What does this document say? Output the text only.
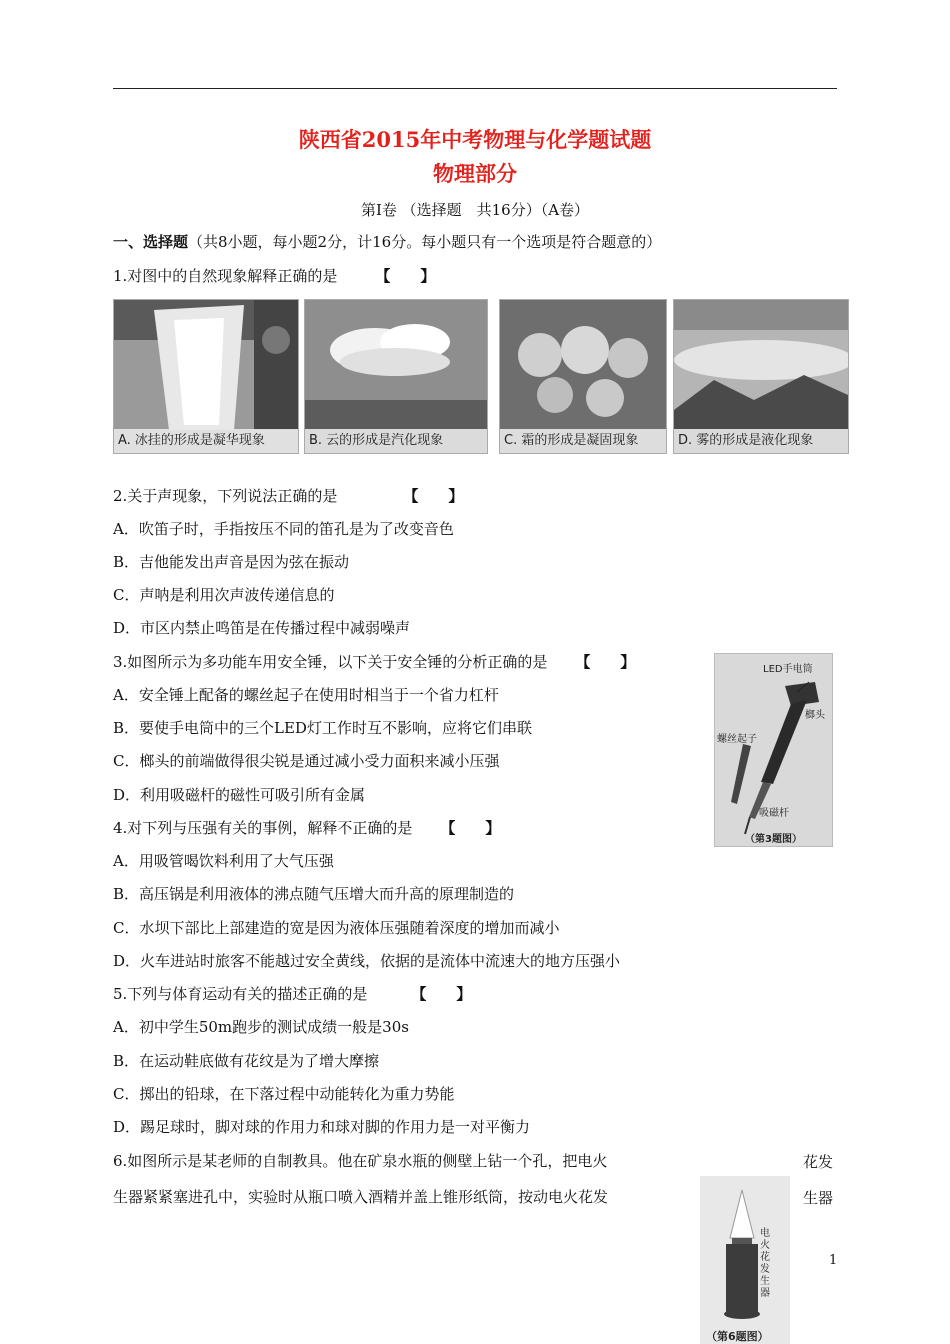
陕西省2015年中考物理与化学题试题
物理部分
第Ⅰ卷 （选择题　共16分）（A卷）
一、选择题（共8小题，每小题2分，计16分。每小题只有一个选项是符合题意的）
1.对图中的自然现象解释正确的是	【　　】
A. 冰挂的形成是凝华现象	B. 云的形成是汽化现象	C. 霜的形成是凝固现象	D. 雾的形成是液化现象
2.关于声现象，下列说法正确的是	【　　】
A．吹笛子时，手指按压不同的笛孔是为了改变音色
B．吉他能发出声音是因为弦在振动
C．声呐是利用次声波传递信息的
D．市区内禁止鸣笛是在传播过程中减弱噪声
3.如图所示为多功能车用安全锤，以下关于安全锤的分析正确的是 【　　】
A．安全锤上配备的螺丝起子在使用时相当于一个省力杠杆
B．要使手电筒中的三个LED灯工作时互不影响，应将它们串联
C．榔头的前端做得很尖锐是通过减小受力面积来减小压强
D．利用吸磁杆的磁性可吸引所有金属
LED手电筒
榔头
螺丝起子
吸磁杆
（第3题图）
4.对下列与压强有关的事例，解释不正确的是 【　　】
A．用吸管喝饮料利用了大气压强
B．高压锅是利用液体的沸点随气压增大而升高的原理制造的
C．水坝下部比上部建造的宽是因为液体压强随着深度的增加而减小
D．火车进站时旅客不能越过安全黄线，依据的是流体中流速大的地方压强小
5.下列与体育运动有关的描述正确的是	【　　】
A．初中学生50m跑步的测试成绩一般是30s
B．在运动鞋底做有花纹是为了增大摩擦
C．掷出的铅球，在下落过程中动能转化为重力势能
D．踢足球时，脚对球的作用力和球对脚的作用力是一对平衡力
6.如图所示是某老师的自制教具。他在矿泉水瓶的侧壁上钻一个孔，把电火	花发
生器紧紧塞进孔中，实验时从瓶口喷入酒精并盖上锥形纸筒，按动电火花发	生器
电火花发生器
（第6题图）
1
